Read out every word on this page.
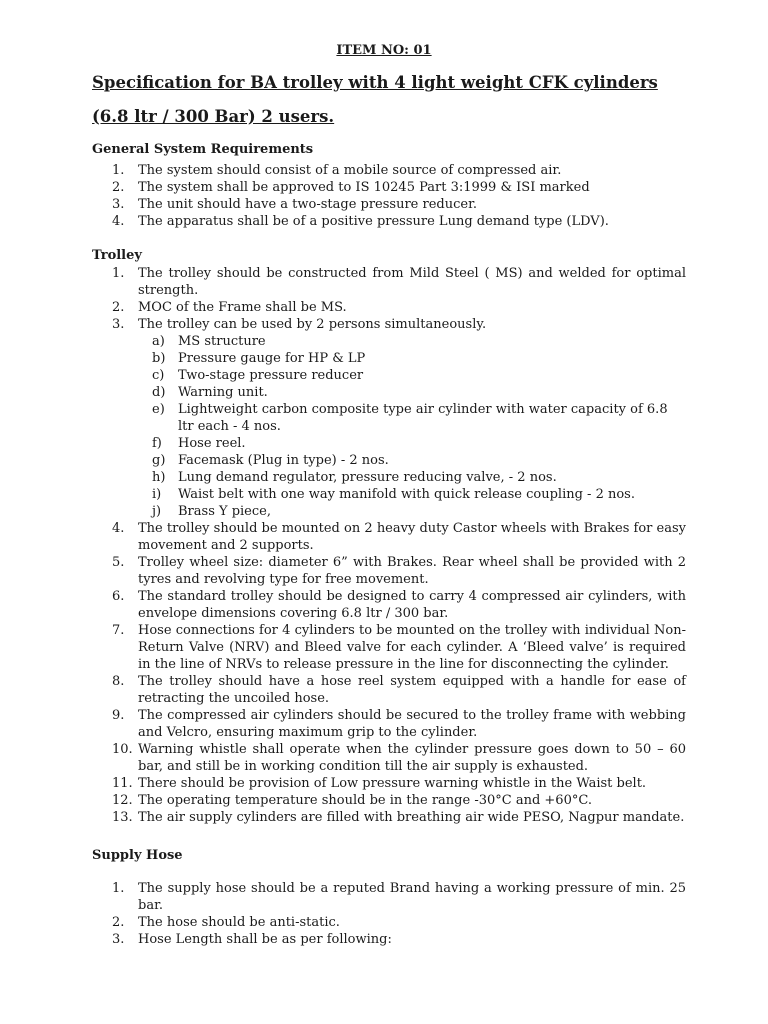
ITEM NO: 01
Specification for BA trolley with 4 light weight CFK cylinders (6.8 ltr / 300 Bar) 2 users.
General System Requirements
1.	The system should consist of a mobile source of compressed air.
2.	The system shall be approved to IS 10245 Part 3:1999 & ISI marked
3.	The unit should have a two-stage pressure reducer.
4.	The apparatus shall be of a positive pressure Lung demand type (LDV).
Trolley
1.	The trolley should be constructed from Mild Steel ( MS) and welded for optimal strength.
2.	MOC of the Frame shall be MS.
3.	The trolley can be used by 2 persons simultaneously.
a) MS structure
b) Pressure gauge for HP & LP
c) Two-stage pressure reducer
d) Warning unit.
e) Lightweight carbon composite type air cylinder with water capacity of 6.8 ltr each - 4 nos.
f) Hose reel.
g) Facemask (Plug in type) - 2 nos.
h) Lung demand regulator, pressure reducing valve, - 2 nos.
i) Waist belt with one way manifold with quick release coupling - 2 nos.
j) Brass Y piece,
4.	The trolley should be mounted on 2 heavy duty Castor wheels with Brakes for easy movement and 2 supports.
5.	Trolley wheel size: diameter 6” with Brakes. Rear wheel shall be provided with 2 tyres and revolving type for free movement.
6.	The standard trolley should be designed to carry 4 compressed air cylinders, with envelope dimensions covering 6.8 ltr / 300 bar.
7.	Hose connections for 4 cylinders to be mounted on the trolley with individual Non-Return Valve (NRV) and Bleed valve for each cylinder. A ‘Bleed valve’ is required in the line of NRVs to release pressure in the line for disconnecting the cylinder.
8.	The trolley should have a hose reel system equipped with a handle for ease of retracting the uncoiled hose.
9.	The compressed air cylinders should be secured to the trolley frame with webbing and Velcro, ensuring maximum grip to the cylinder.
10. Warning whistle shall operate when the cylinder pressure goes down to 50 – 60 bar, and still be in working condition till the air supply is exhausted.
11. There should be provision of Low pressure warning whistle in the Waist belt.
12. The operating temperature should be in the range -30°C and +60°C.
13. The air supply cylinders are filled with breathing air wide PESO, Nagpur mandate.
Supply Hose
1.	The supply hose should be a reputed Brand having a working pressure of min. 25 bar.
2.	The hose should be anti-static.
3.	Hose Length shall be as per following:
